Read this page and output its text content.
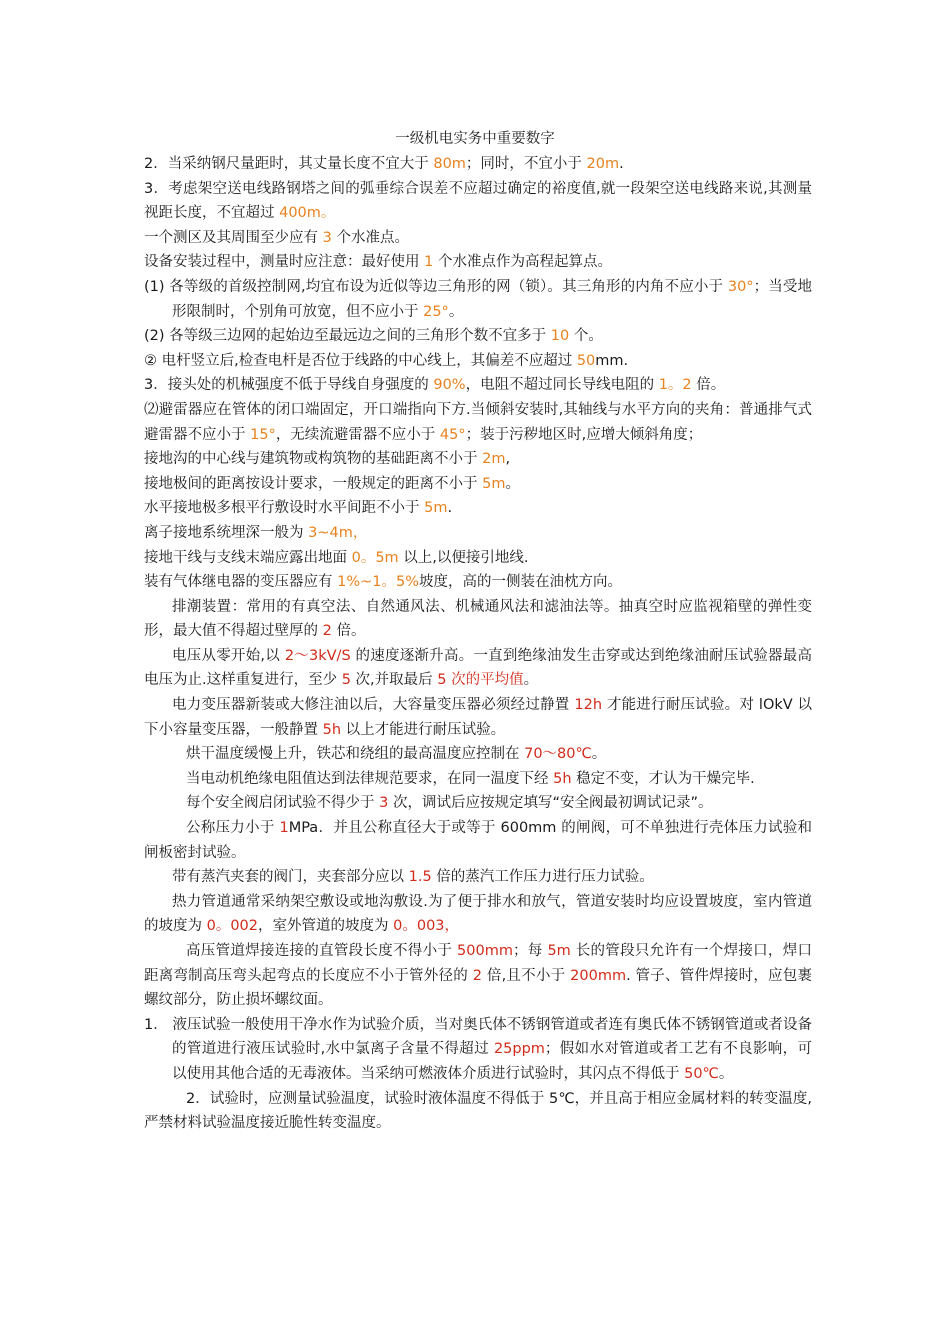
一级机电实务中重要数字

2．当采纳钢尺量距时，其丈量长度不宜大于 80m；同时，不宜小于 20m.

3．考虑架空送电线路钢塔之间的弧垂综合误差不应超过确定的裕度值,就一段架空送电线路来说,其测量视距长度，不宜超过 400m。

一个测区及其周围至少应有 3 个水准点。

设备安装过程中，测量时应注意：最好使用 1 个水准点作为高程起算点。

(1) 各等级的首级控制网,均宜布设为近似等边三角形的网（锁）。其三角形的内角不应小于 30°；当受地形限制时，个别角可放宽，但不应小于 25°。

(2) 各等级三边网的起始边至最远边之间的三角形个数不宜多于 10 个。

② 电杆竖立后,检查电杆是否位于线路的中心线上，其偏差不应超过 50mm.

3．接头处的机械强度不低于导线自身强度的 90%，电阻不超过同长导线电阻的 1。2 倍。

⑵避雷器应在管体的闭口端固定，开口端指向下方.当倾斜安装时,其轴线与水平方向的夹角：普通排气式避雷器不应小于 15°，无续流避雷器不应小于 45°；装于污秽地区时,应增大倾斜角度；

接地沟的中心线与建筑物或构筑物的基础距离不小于 2m,

接地极间的距离按设计要求，一般规定的距离不小于 5m。

水平接地极多根平行敷设时水平间距不小于 5m.

离子接地系统埋深一般为 3~4m，

接地干线与支线末端应露出地面 0。5m 以上,以便接引地线.

装有气体继电器的变压器应有 1%~1。5%坡度，高的一侧装在油枕方向。

排潮装置：常用的有真空法、自然通风法、机械通风法和滤油法等。抽真空时应监视箱壁的弹性变形，最大值不得超过壁厚的 2 倍。

电压从零开始,以 2～3kV/S 的速度逐渐升高。一直到绝缘油发生击穿或达到绝缘油耐压试验器最高电压为止.这样重复进行，至少 5 次,并取最后 5 次的平均值。

电力变压器新装或大修注油以后，大容量变压器必须经过静置 12h 才能进行耐压试验。对 lOkV 以下小容量变压器，一般静置 5h 以上才能进行耐压试验。

烘干温度缓慢上升，铁芯和绕组的最高温度应控制在 70～80℃。

当电动机绝缘电阻值达到法律规范要求，在同一温度下经 5h 稳定不变，才认为干燥完毕.

每个安全阀启闭试验不得少于 3 次，调试后应按规定填写“安全阀最初调试记录”。

公称压力小于 1MPa．并且公称直径大于或等于 600mm 的闸阀，可不单独进行壳体压力试验和闸板密封试验。

带有蒸汽夹套的阀门，夹套部分应以 1.5 倍的蒸汽工作压力进行压力试验。

热力管道通常采纳架空敷设或地沟敷设.为了便于排水和放气，管道安装时均应设置坡度，室内管道的坡度为 0。002，室外管道的坡度为 0。003，

高压管道焊接连接的直管段长度不得小于 500mm；每 5m 长的管段只允许有一个焊接口，焊口距离弯制高压弯头起弯点的长度应不小于管外径的 2 倍,且不小于 200mm. 管子、管件焊接时，应包裹螺纹部分，防止损坏螺纹面。

1． 液压试验一般使用干净水作为试验介质，当对奥氏体不锈钢管道或者连有奥氏体不锈钢管道或者设备的管道进行液压试验时,水中氯离子含量不得超过 25ppm；假如水对管道或者工艺有不良影响，可以使用其他合适的无毒液体。当采纳可燃液体介质进行试验时，其闪点不得低于 50℃。

2．试验时，应测量试验温度，试验时液体温度不得低于 5℃，并且高于相应金属材料的转变温度,严禁材料试验温度接近脆性转变温度。
